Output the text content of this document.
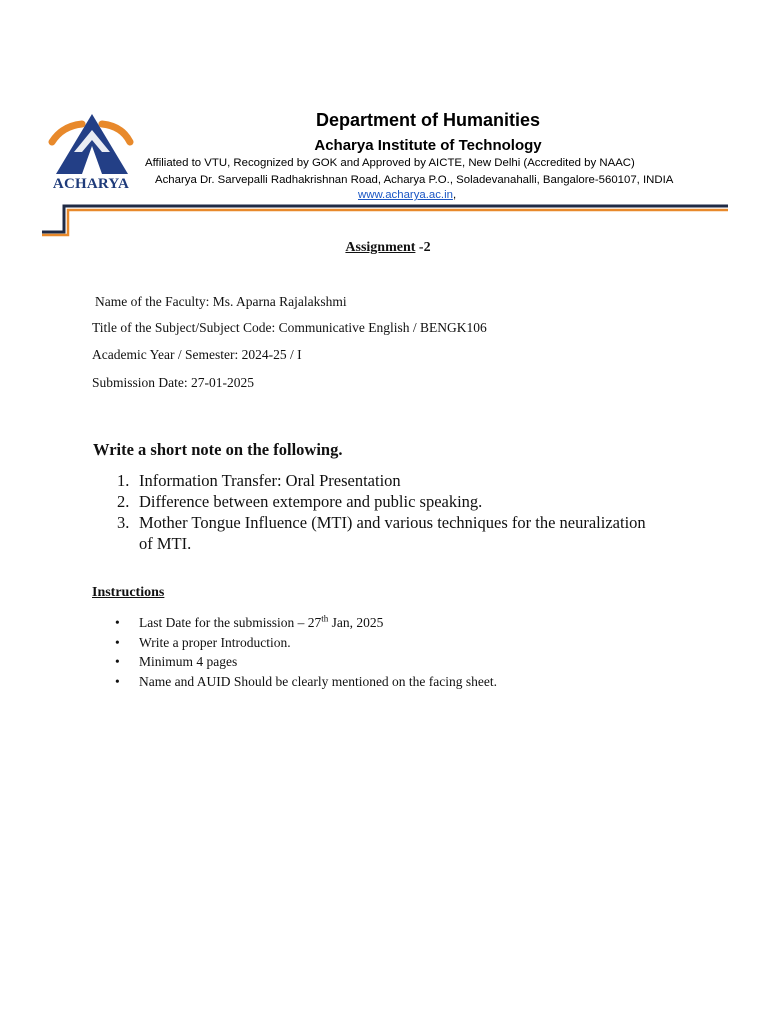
ACHARYA
Department of Humanities
Acharya Institute of Technology
Affiliated to VTU, Recognized by GOK and Approved by AICTE, New Delhi (Accredited by NAAC)
Acharya Dr. Sarvepalli Radhakrishnan Road, Acharya P.O., Soladevanahalli, Bangalore-560107, INDIA
www.acharya.ac.in,
Assignment -2
Name of the Faculty: Ms. Aparna Rajalakshmi
Title of the Subject/Subject Code: Communicative English / BENGK106
Academic Year / Semester: 2024-25 / I
Submission Date: 27-01-2025
Write a short note on the following.
1. Information Transfer: Oral Presentation
2. Difference between extempore and public speaking.
3. Mother Tongue Influence (MTI) and various techniques for the neuralization of MTI.
Instructions
• Last Date for the submission – 27th Jan, 2025
• Write a proper Introduction.
• Minimum 4 pages
• Name and AUID Should be clearly mentioned on the facing sheet.
